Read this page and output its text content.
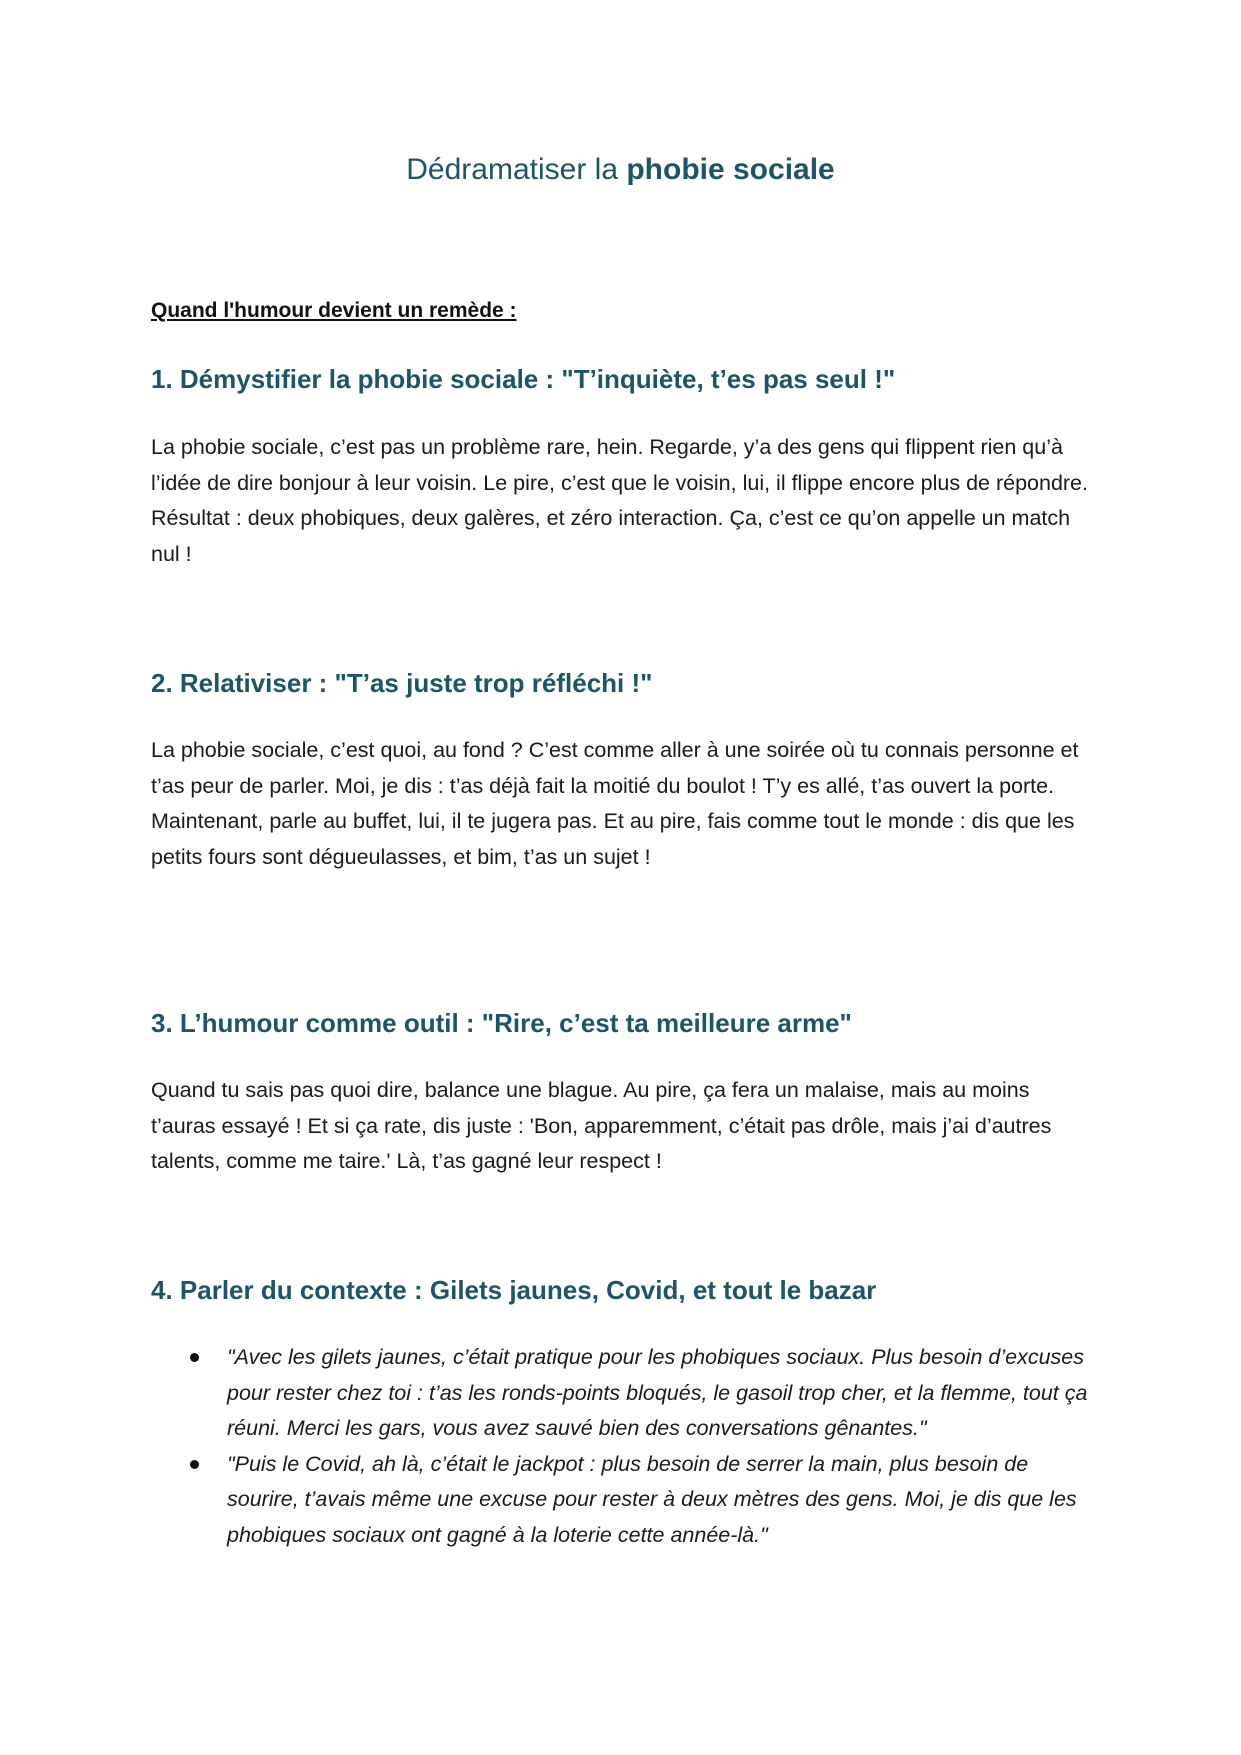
Dédramatiser la phobie sociale
Quand l'humour devient un remède :
1. Démystifier la phobie sociale : "T’inquiète, t’es pas seul !"
La phobie sociale, c’est pas un problème rare, hein. Regarde, y’a des gens qui flippent rien qu’à l’idée de dire bonjour à leur voisin. Le pire, c’est que le voisin, lui, il flippe encore plus de répondre. Résultat : deux phobiques, deux galères, et zéro interaction. Ça, c’est ce qu’on appelle un match nul !
2. Relativiser : "T’as juste trop réfléchi !"
La phobie sociale, c’est quoi, au fond ? C’est comme aller à une soirée où tu connais personne et t’as peur de parler. Moi, je dis : t’as déjà fait la moitié du boulot ! T’y es allé, t’as ouvert la porte. Maintenant, parle au buffet, lui, il te jugera pas. Et au pire, fais comme tout le monde : dis que les petits fours sont dégueulasses, et bim, t’as un sujet !
3. L’humour comme outil : "Rire, c’est ta meilleure arme"
Quand tu sais pas quoi dire, balance une blague. Au pire, ça fera un malaise, mais au moins t’auras essayé ! Et si ça rate, dis juste : 'Bon, apparemment, c’était pas drôle, mais j’ai d’autres talents, comme me taire.' Là, t’as gagné leur respect !
4. Parler du contexte : Gilets jaunes, Covid, et tout le bazar
"Avec les gilets jaunes, c’était pratique pour les phobiques sociaux. Plus besoin d’excuses pour rester chez toi : t’as les ronds-points bloqués, le gasoil trop cher, et la flemme, tout ça réuni. Merci les gars, vous avez sauvé bien des conversations gênantes."
"Puis le Covid, ah là, c’était le jackpot : plus besoin de serrer la main, plus besoin de sourire, t’avais même une excuse pour rester à deux mètres des gens. Moi, je dis que les phobiques sociaux ont gagné à la loterie cette année-là."
